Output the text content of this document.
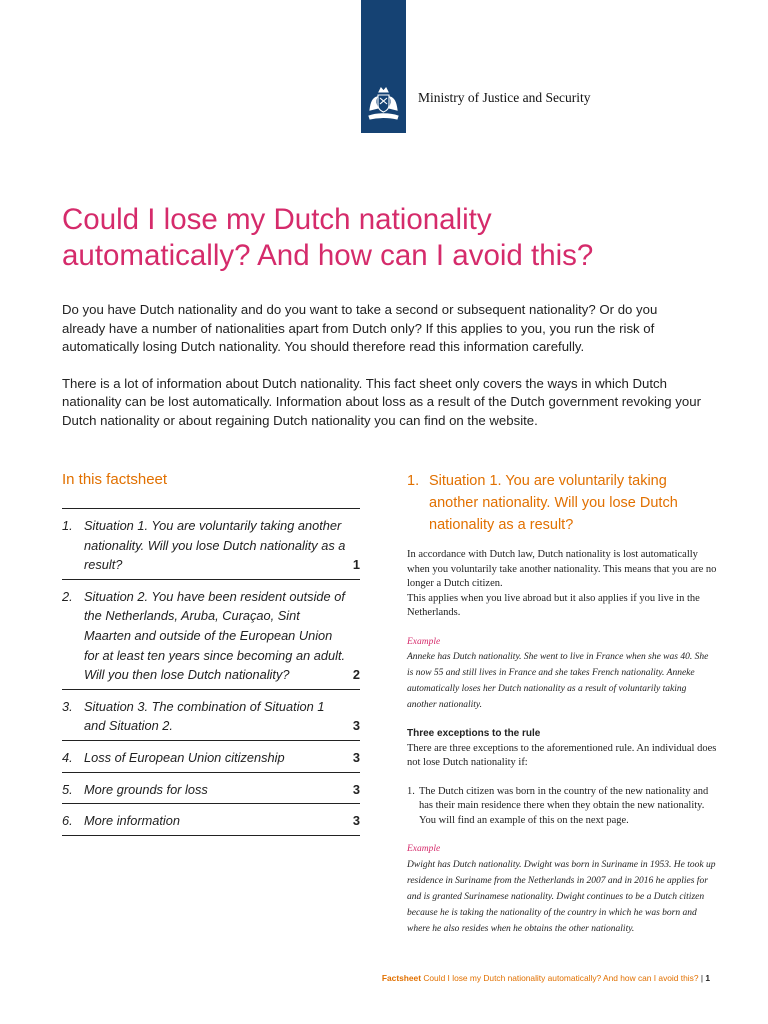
Ministry of Justice and Security
Could I lose my Dutch nationality
automatically? And how can I avoid this?

Do you have Dutch nationality and do you want to take a second or subsequent nationality? Or do you already have a number of nationalities apart from Dutch only? If this applies to you, you run the risk of automatically losing Dutch nationality. You should therefore read this information carefully.

There is a lot of information about Dutch nationality. This fact sheet only covers the ways in which Dutch nationality can be lost automatically. Information about loss as a result of the Dutch government revoking your Dutch nationality or about regaining Dutch nationality you can find on the website.

In this factsheet
1. Situation 1. You are voluntarily taking another nationality. Will you lose Dutch nationality as a result?	1
2. Situation 2. You have been resident outside of the Netherlands, Aruba, Curaçao, Sint Maarten and outside of the European Union for at least ten years since becoming an adult. Will you then lose Dutch nationality?	2
3. Situation 3. The combination of Situation 1 and Situation 2.	3
4. Loss of European Union citizenship	3
5. More grounds for loss	3
6. More information	3
1. Situation 1. You are voluntarily taking another nationality. Will you lose Dutch nationality as a result?

In accordance with Dutch law, Dutch nationality is lost automatically when you voluntarily take another nationality. This means that you are no longer a Dutch citizen.

This applies when you live abroad but it also applies if you live in the Netherlands.

Example

Anneke has Dutch nationality. She went to live in France when she was 40. She is now 55 and still lives in France and she takes French nationality. Anneke automatically loses her Dutch nationality as a result of voluntarily taking another nationality.

Three exceptions to the rule

There are three exceptions to the aforementioned rule. An individual does not lose Dutch nationality if:

1. The Dutch citizen was born in the country of the new nationality and has their main residence there when they obtain the new nationality. You will find an example of this on the next page.

Example

Dwight has Dutch nationality. Dwight was born in Suriname in 1953. He took up residence in Suriname from the Netherlands in 2007 and in 2016 he applies for and is granted Surinamese nationality. Dwight continues to be a Dutch citizen because he is taking the nationality of the country in which he was born and where he also resides when he obtains the other nationality.

Factsheet Could I lose my Dutch nationality automatically? And how can I avoid this? | 1
